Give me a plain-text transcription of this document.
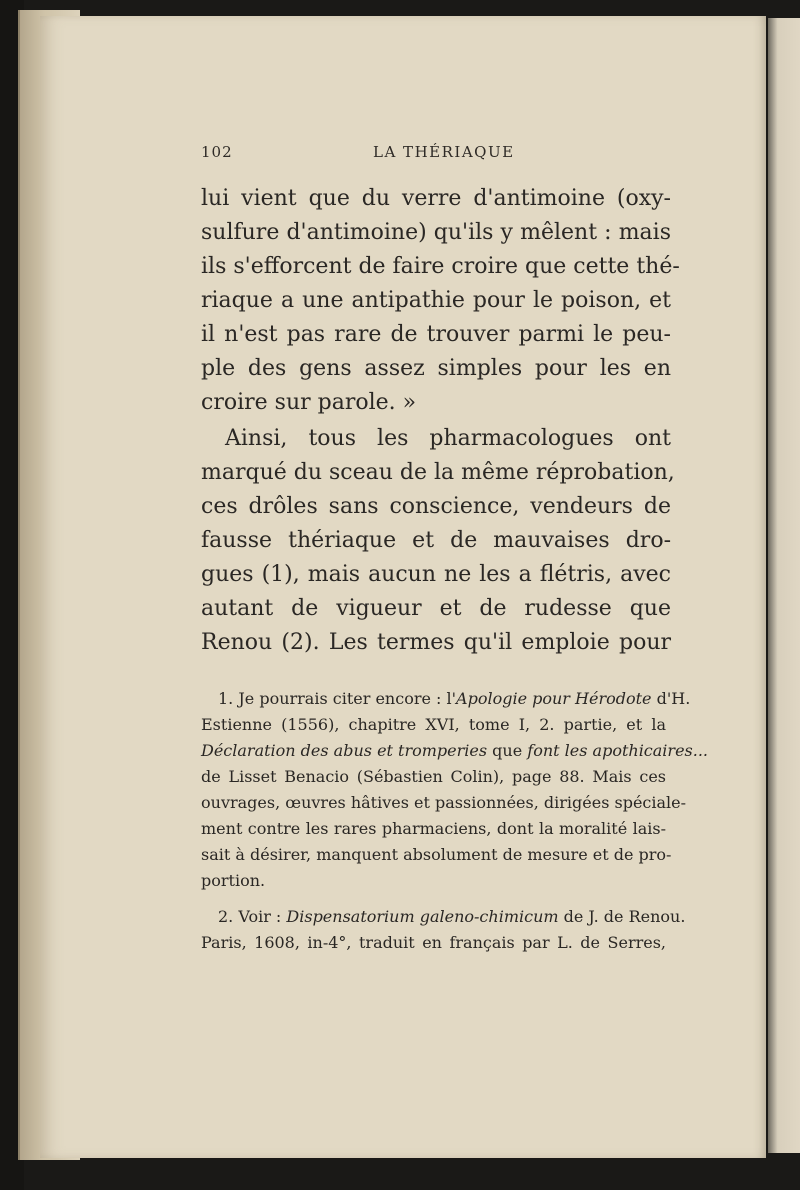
102	LA THÉRIAQUE
lui vient que du verre d'antimoine (oxy-
sulfure d'antimoine) qu'ils y mêlent : mais
ils s'efforcent de faire croire que cette thé-
riaque a une antipathie pour le poison, et
il n'est pas rare de trouver parmi le peu-
ple des gens assez simples pour les en
croire sur parole. »
Ainsi, tous les pharmacologues ont
marqué du sceau de la même réprobation,
ces drôles sans conscience, vendeurs de
fausse thériaque et de mauvaises dro-
gues (1), mais aucun ne les a flétris, avec
autant de vigueur et de rudesse que
Renou (2). Les termes qu'il emploie pour
1. Je pourrais citer encore : l'Apologie pour Hérodote d'H.
Estienne (1556), chapitre XVI, tome I, 2. partie, et la
Déclaration des abus et tromperies que font les apothicaires...
de Lisset Benacio (Sébastien Colin), page 88. Mais ces
ouvrages, œuvres hâtives et passionnées, dirigées spéciale-
ment contre les rares pharmaciens, dont la moralité lais-
sait à désirer, manquent absolument de mesure et de pro-
portion.
2. Voir : Dispensatorium galeno-chimicum de J. de Renou.
Paris, 1608, in-4°, traduit en français par L. de Serres,
